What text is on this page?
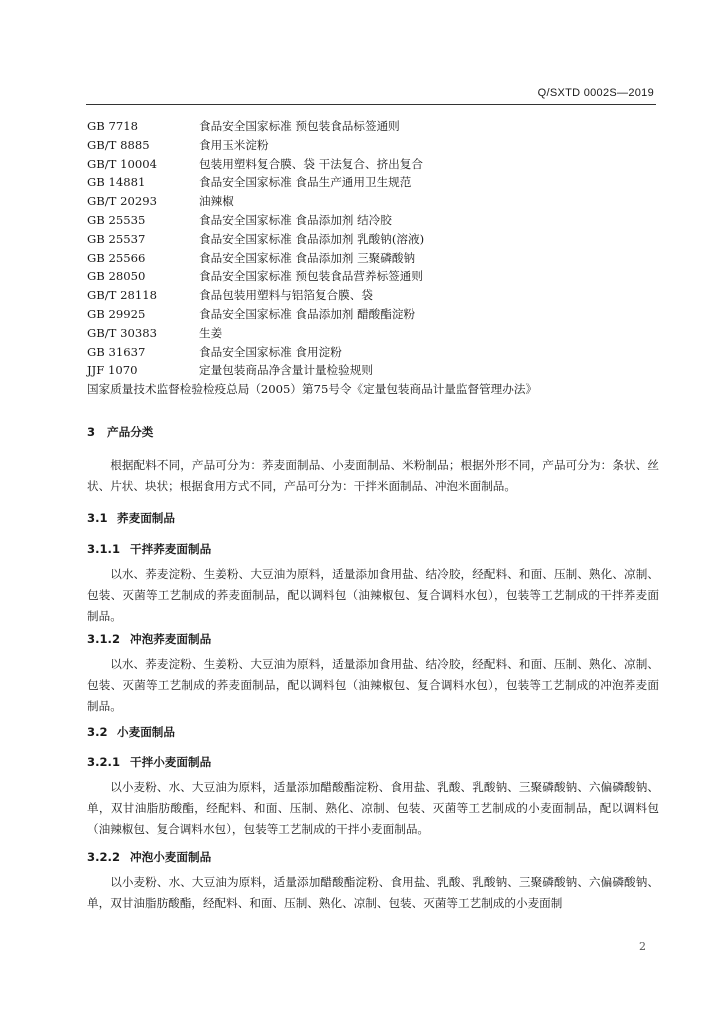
Q/SXTD 0002S—2019
GB 7718	食品安全国家标准 预包装食品标签通则
GB/T 8885	食用玉米淀粉
GB/T 10004	包装用塑料复合膜、袋 干法复合、挤出复合
GB 14881	食品安全国家标准 食品生产通用卫生规范
GB/T 20293	油辣椒
GB 25535	食品安全国家标准 食品添加剂 结冷胶
GB 25537	食品安全国家标准 食品添加剂 乳酸钠(溶液)
GB 25566	食品安全国家标准 食品添加剂 三聚磷酸钠
GB 28050	食品安全国家标准 预包装食品营养标签通则
GB/T 28118	食品包装用塑料与铝箔复合膜、袋
GB 29925	食品安全国家标准 食品添加剂 醋酸酯淀粉
GB/T 30383	生姜
GB 31637	食品安全国家标准 食用淀粉
JJF 1070	定量包装商品净含量计量检验规则
国家质量技术监督检验检疫总局（2005）第75号令《定量包装商品计量监督管理办法》
3 产品分类

根据配料不同，产品可分为：荞麦面制品、小麦面制品、米粉制品；根据外形不同，产品可分为：条状、丝状、片状、块状；根据食用方式不同，产品可分为：干拌米面制品、冲泡米面制品。

3.1 荞麦面制品
3.1.1 干拌荞麦面制品

以水、荞麦淀粉、生姜粉、大豆油为原料，适量添加食用盐、结冷胶，经配料、和面、压制、熟化、凉制、包装、灭菌等工艺制成的荞麦面制品，配以调料包（油辣椒包、复合调料水包），包装等工艺制成的干拌荞麦面制品。

3.1.2 冲泡荞麦面制品

以水、荞麦淀粉、生姜粉、大豆油为原料，适量添加食用盐、结冷胶，经配料、和面、压制、熟化、凉制、包装、灭菌等工艺制成的荞麦面制品，配以调料包（油辣椒包、复合调料水包），包装等工艺制成的冲泡荞麦面制品。

3.2 小麦面制品
3.2.1 干拌小麦面制品

以小麦粉、水、大豆油为原料，适量添加醋酸酯淀粉、食用盐、乳酸、乳酸钠、三聚磷酸钠、六偏磷酸钠、单，双甘油脂肪酸酯，经配料、和面、压制、熟化、凉制、包装、灭菌等工艺制成的小麦面制品，配以调料包（油辣椒包、复合调料水包），包装等工艺制成的干拌小麦面制品。

3.2.2 冲泡小麦面制品

以小麦粉、水、大豆油为原料，适量添加醋酸酯淀粉、食用盐、乳酸、乳酸钠、三聚磷酸钠、六偏磷酸钠、单，双甘油脂肪酸酯，经配料、和面、压制、熟化、凉制、包装、灭菌等工艺制成的小麦面制

2
